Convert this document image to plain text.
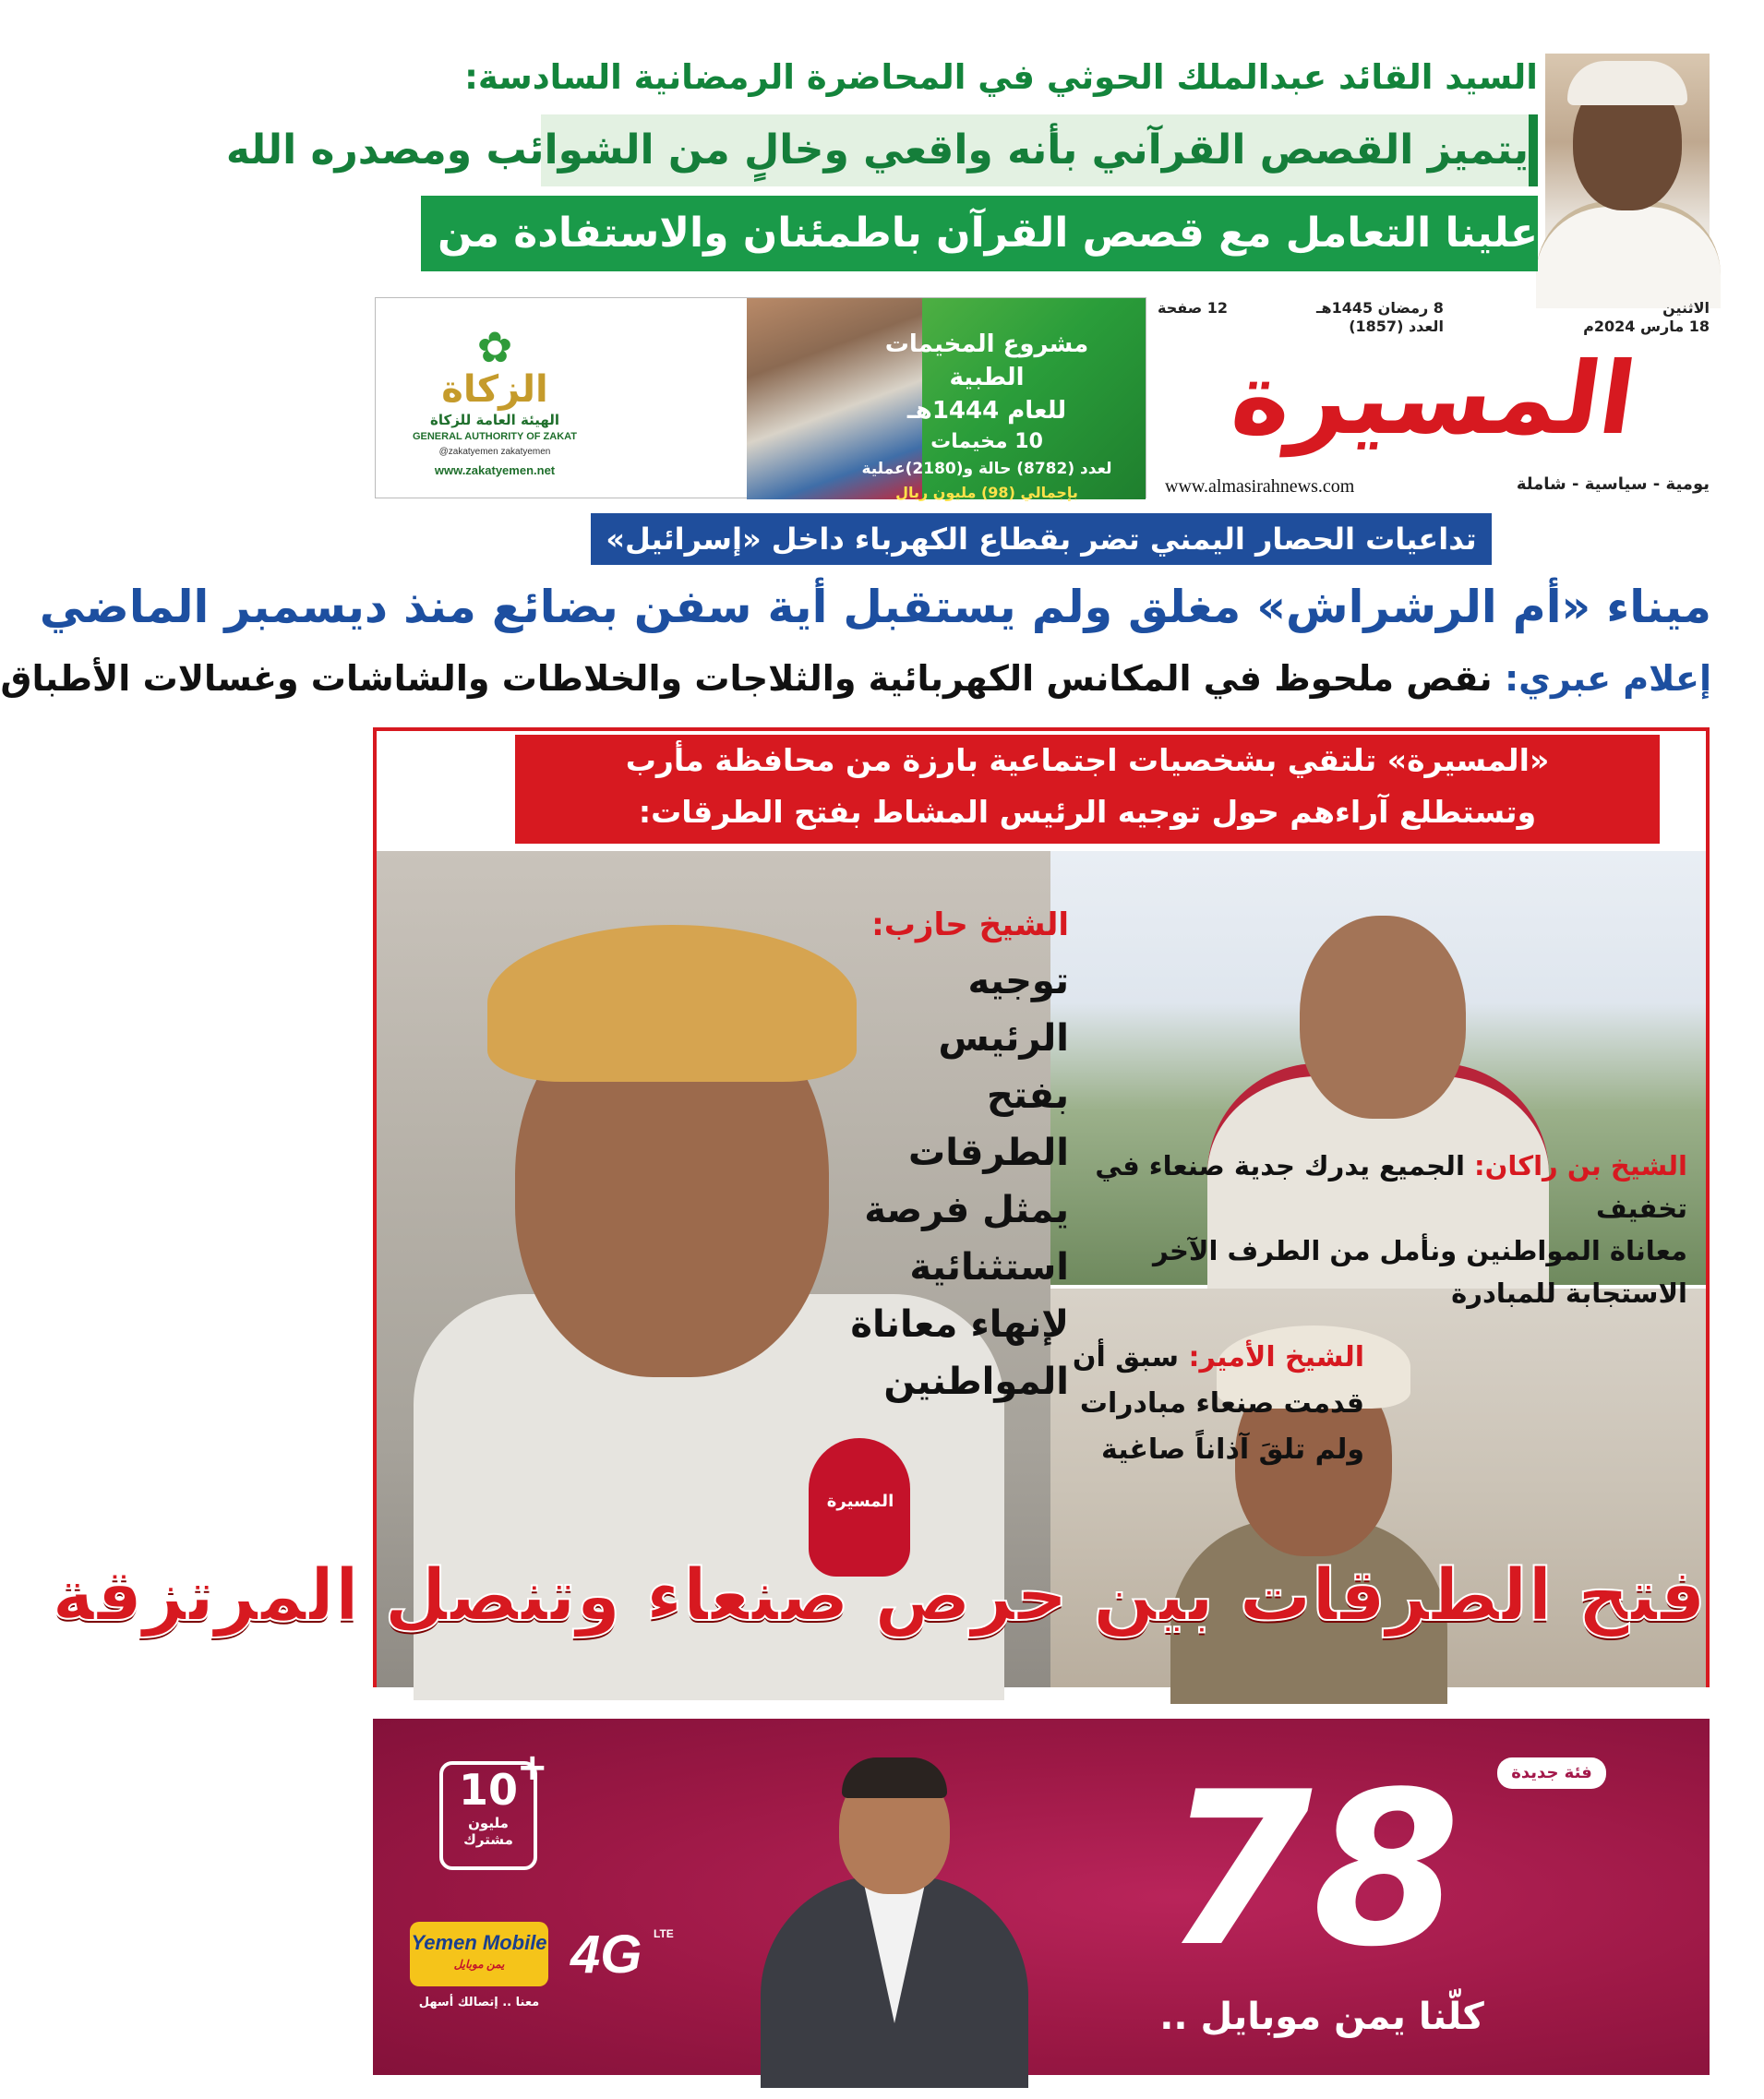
السيد القائد عبدالملك الحوثي في المحاضرة الرمضانية السادسة:
يتميز القصص القرآني بأنه واقعي وخالٍ من الشوائب ومصدره الله
علينا التعامل مع قصص القرآن باطمئنان والاستفادة من الدروس والعبر فيها
الاثنين
18 مارس 2024م
8 رمضان 1445هـ
العدد (1857)
12 صفحة
المسيرة
www.almasirahnews.com	يومية - سياسية - شاملة
مشروع المخيمات الطبية
للعام 1444هـ
10 مخيمات
لعدد (8782) حالة و(2180)عملية
بإجمالي (98) مليون ريال
✿
الزكاة
الهيئة العامة للزكاة
GENERAL AUTHORITY OF ZAKAT
@zakatyemen zakatyemen
www.zakatyemen.net
تداعيات الحصار اليمني تضر بقطاع الكهرباء داخل «إسرائيل»
ميناء «أم الرشراش» مغلق ولم يستقبل أية سفن بضائع منذ ديسمبر الماضي
إعلام عبري: نقص ملحوظ في المكانس الكهربائية والثلاجات والخلاطات والشاشات وغسالات الأطباق
«المسيرة» تلتقي بشخصيات اجتماعية بارزة من محافظة مأرب
وتستطلع آراءهم حول توجيه الرئيس المشاط بفتح الطرقات:
الشيخ حازب:
توجيه
الرئيس بفتح
الطرقات
يمثل فرصة
استثنائية
لإنهاء معاناة
المواطنين
الشيخ بن راكان: الجميع يدرك جدية صنعاء في تخفيف
معاناة المواطنين ونأمل من الطرف الآخر الاستجابة للمبادرة
الشيخ الأمير: سبق أن
قدمت صنعاء مبادرات
ولم تلقَ آذاناً صاغية
المسيرة
فتح الطرقات بين حرص صنعاء وتنصل المرتزقة
فئة جديدة
78
كلّنا يمن موبايل ..
10
مليون
مشترك
+
4G LTE
Yemen Mobile
يمن موبايل
معنا .. إتصالك أسهل
